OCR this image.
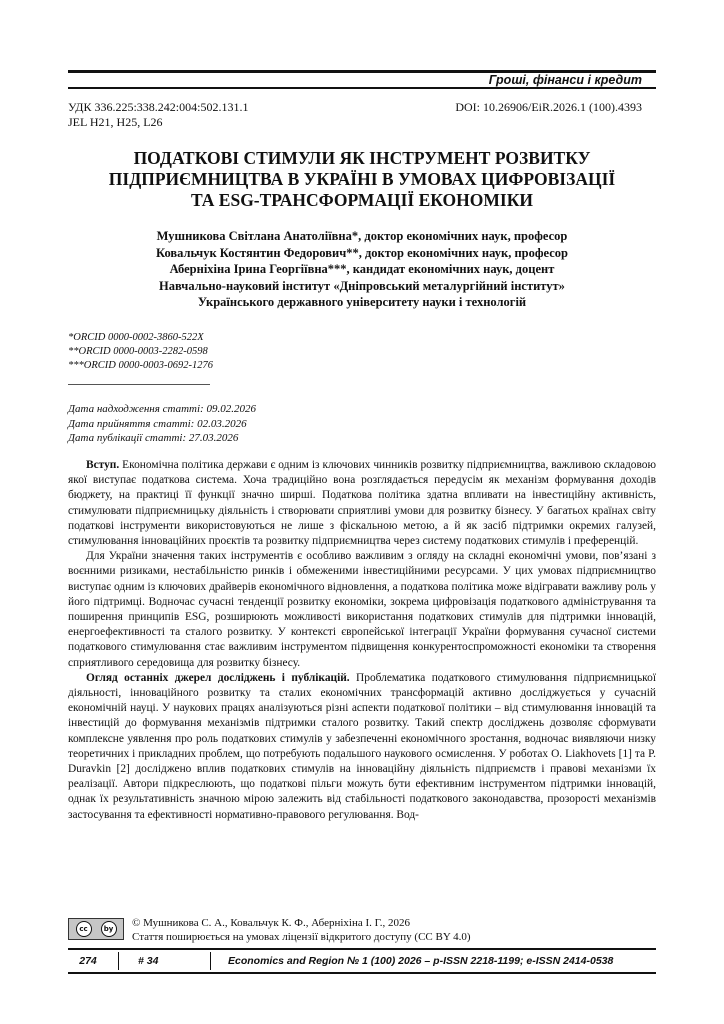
Гроші, фінанси і кредит
УДК 336.225:338.242:004:502.131.1
JEL H21, H25, L26
DOI: 10.26906/EiR.2026.1 (100).4393
ПОДАТКОВІ СТИМУЛИ ЯК ІНСТРУМЕНТ РОЗВИТКУ
ПІДПРИЄМНИЦТВА В УКРАЇНІ В УМОВАХ ЦИФРОВІЗАЦІЇ
ТА ESG-ТРАНСФОРМАЦІЇ ЕКОНОМІКИ
Мушникова Світлана Анатоліївна*, доктор економічних наук, професор
Ковальчук Костянтин Федорович**, доктор економічних наук, професор
Аберніхіна Ірина Георгіївна***, кандидат економічних наук, доцент
Навчально-науковий інститут «Дніпровський металургійний інститут»
Українського державного університету науки і технологій
*ORCID 0000-0002-3860-522X
**ORCID 0000-0003-2282-0598
***ORCID 0000-0003-0692-1276
Дата надходження статті: 09.02.2026
Дата прийняття статті: 02.03.2026
Дата публікації статті: 27.03.2026

Вступ. Економічна політика держави є одним із ключових чинників розвитку підприємництва, важливою складовою якої виступає податкова система. Хоча традиційно вона розглядається передусім як механізм формування доходів бюджету, на практиці її функції значно ширші. Податкова політика здатна впливати на інвестиційну активність, стимулювати підприємницьку діяльність і створювати сприятливі умови для розвитку бізнесу. У багатьох країнах світу податкові інструменти використовуються не лише з фіскальною метою, а й як засіб підтримки окремих галузей, стимулювання інноваційних проєктів та розвитку підприємництва через систему податкових стимулів і преференцій.

Для України значення таких інструментів є особливо важливим з огляду на складні економічні умови, пов’язані з воєнними ризиками, нестабільністю ринків і обмеженими інвестиційними ресурсами. У цих умовах підприємництво виступає одним із ключових драйверів економічного відновлення, а податкова політика може відігравати важливу роль у його підтримці. Водночас сучасні тенденції розвитку економіки, зокрема цифровізація податкового адміністрування та поширення принципів ESG, розширюють можливості використання податкових стимулів для підтримки інновацій, енергоефективності та сталого розвитку. У контексті європейської інтеграції України формування сучасної системи податкового стимулювання стає важливим інструментом підвищення конкурентоспроможності економіки та створення сприятливого середовища для розвитку бізнесу.

Огляд останніх джерел досліджень і публікацій. Проблематика податкового стимулювання підприємницької діяльності, інноваційного розвитку та сталих економічних трансформацій активно досліджується у сучасній економічній науці. У наукових працях аналізуються різні аспекти податкової політики – від стимулювання інновацій та інвестицій до формування механізмів підтримки сталого розвитку. Такий спектр досліджень дозволяє сформувати комплексне уявлення про роль податкових стимулів у забезпеченні економічного зростання, водночас виявляючи низку теоретичних і прикладних проблем, що потребують подальшого наукового осмислення. У роботах O. Liakhovets [1] та P. Duravkin [2] досліджено вплив податкових стимулів на інноваційну діяльність підприємств і правові механізми їх реалізації. Автори підкреслюють, що податкові пільги можуть бути ефективним інструментом підтримки інновацій, однак їх результативність значною мірою залежить від стабільності податкового законодавства, прозорості механізмів застосування та ефективності нормативно-правового регулювання. Вод-

cc	by © Мушникова С. А., Ковальчук К. Ф., Аберніхіна І. Г., 2026
Стаття поширюється на умовах ліцензії відкритого доступу (CC BY 4.0)
274	# 34	Economics and Region № 1 (100) 2026 – p-ISSN 2218-1199; e-ISSN 2414-0538
